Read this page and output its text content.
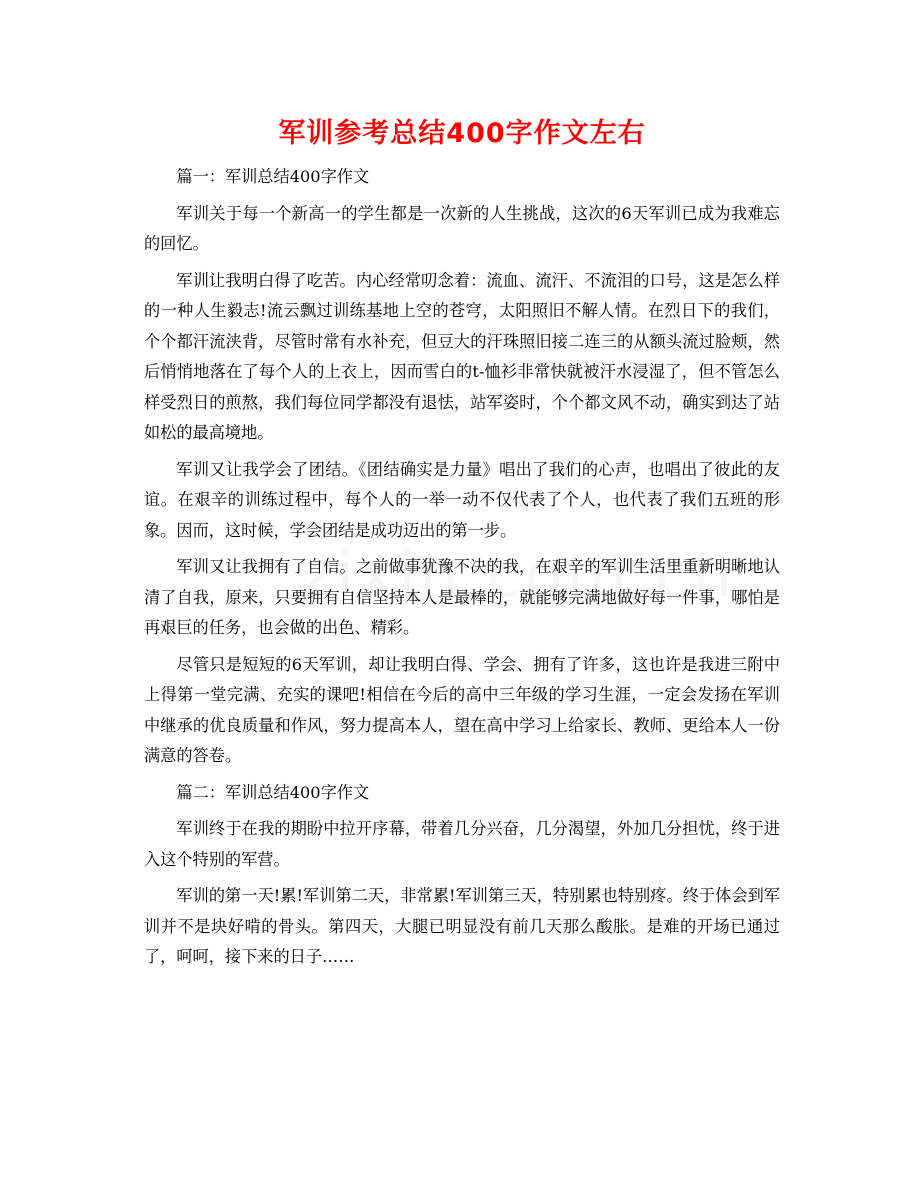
军训参考总结400字作文左右

篇一：军训总结400字作文

军训关于每一个新高一的学生都是一次新的人生挑战，这次的6天军训已成为我难忘的回忆。

军训让我明白得了吃苦。内心经常叨念着：流血、流汗、不流泪的口号，这是怎么样的一种人生毅志!流云飘过训练基地上空的苍穹，太阳照旧不解人情。在烈日下的我们，个个都汗流浃背，尽管时常有水补充，但豆大的汗珠照旧接二连三的从额头流过脸颊，然后悄悄地落在了每个人的上衣上，因而雪白的t-恤衫非常快就被汗水浸湿了，但不管怎么样受烈日的煎熬，我们每位同学都没有退怯，站军姿时，个个都文风不动，确实到达了站如松的最高境地。

军训又让我学会了团结。《团结确实是力量》唱出了我们的心声，也唱出了彼此的友谊。在艰辛的训练过程中，每个人的一举一动不仅代表了个人，也代表了我们五班的形象。因而，这时候，学会团结是成功迈出的第一步。

军训又让我拥有了自信。之前做事犹豫不决的我，在艰辛的军训生活里重新明晰地认清了自我，原来，只要拥有自信坚持本人是最棒的，就能够完满地做好每一件事，哪怕是再艰巨的任务，也会做的出色、精彩。

尽管只是短短的6天军训，却让我明白得、学会、拥有了许多，这也许是我进三附中上得第一堂完满、充实的课吧!相信在今后的高中三年级的学习生涯，一定会发扬在军训中继承的优良质量和作风，努力提高本人，望在高中学习上给家长、教师、更给本人一份满意的答卷。

篇二：军训总结400字作文

军训终于在我的期盼中拉开序幕，带着几分兴奋，几分渴望，外加几分担忧，终于进入这个特别的军营。

军训的第一天!累!军训第二天，非常累!军训第三天，特别累也特别疼。终于体会到军训并不是块好啃的骨头。第四天，大腿已明显没有前几天那么酸胀。是难的开场已通过了，呵呵，接下来的日子……
